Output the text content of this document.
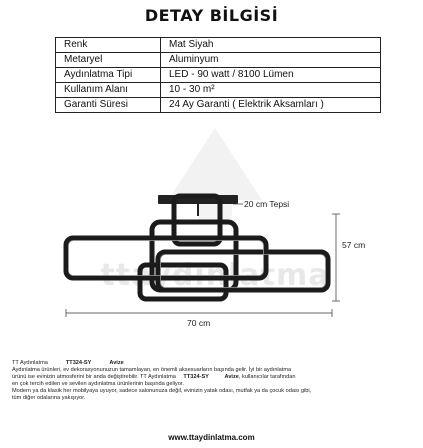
DETAY BİLGİSİ
Renk	Mat Siyah
Metaryel	Aluminyum
Aydınlatma Tipi	LED - 90 watt / 8100 Lümen
Kullanım Alanı	10 - 30 m²
Garanti Süresi	24 Ay Garanti ( Elektrik Aksamları )
ttaydınlatma
20 cm Tepsi
57 cm
70 cm
TT Aydınlatma	TT324-SY	Avize
Aydınlatma ürünleri, ev dekorasyonunuzun tamamlayan, en önemli aksesuarların başında gelir. İyi bir aydınlatma
ürünü ise evinizin atmosferini bir anda değiştirebilir. TT Aydınlatma TT324-SY	Avize, kullanıcılar tarafından
en çok tercih edilen ve sevilen aydınlatma ürünlerinin başında geliyor.
Modern ya da klasik her mobilyaya uyuyor, sadece salonunuza değil, evinizin yatak odası, mutfak ya da çocuk odası gibi,
tüm diğer odalarına yakışıyor.
www.ttaydinlatma.com
